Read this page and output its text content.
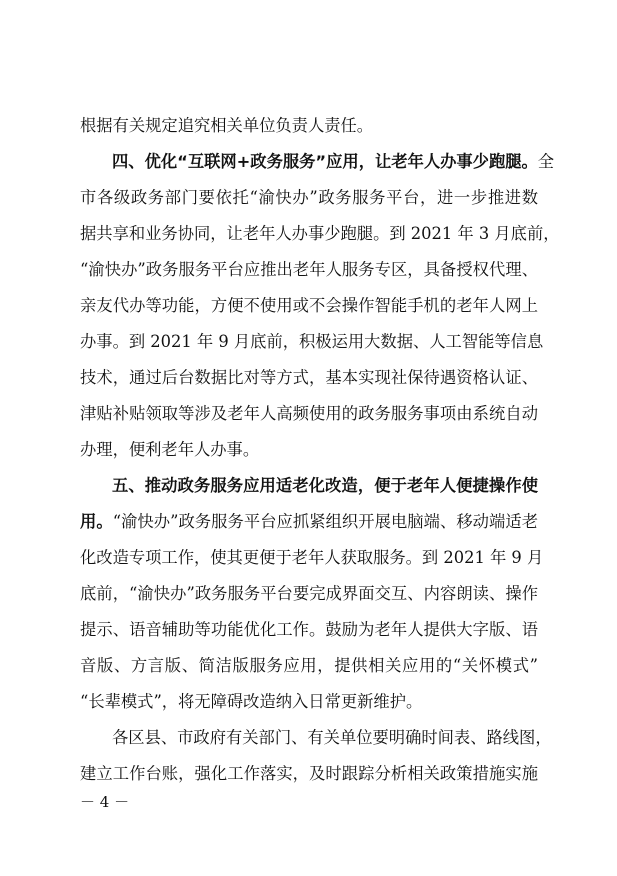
根据有关规定追究相关单位负责人责任。
四、优化“互联网+政务服务”应用，让老年人办事少跑腿。全
市各级政务部门要依托“渝快办”政务服务平台，进一步推进数
据共享和业务协同，让老年人办事少跑腿。到 2021 年 3 月底前，
“渝快办”政务服务平台应推出老年人服务专区，具备授权代理、
亲友代办等功能，方便不使用或不会操作智能手机的老年人网上
办事。到 2021 年 9 月底前，积极运用大数据、人工智能等信息
技术，通过后台数据比对等方式，基本实现社保待遇资格认证、
津贴补贴领取等涉及老年人高频使用的政务服务事项由系统自动
办理，便利老年人办事。
五、推动政务服务应用适老化改造，便于老年人便捷操作使
用。“渝快办”政务服务平台应抓紧组织开展电脑端、移动端适老
化改造专项工作，使其更便于老年人获取服务。到 2021 年 9 月
底前，“渝快办”政务服务平台要完成界面交互、内容朗读、操作
提示、语音辅助等功能优化工作。鼓励为老年人提供大字版、语
音版、方言版、简洁版服务应用，提供相关应用的“关怀模式”
“长辈模式”，将无障碍改造纳入日常更新维护。
各区县、市政府有关部门、有关单位要明确时间表、路线图，
建立工作台账，强化工作落实，及时跟踪分析相关政策措施实施
－ 4 －
